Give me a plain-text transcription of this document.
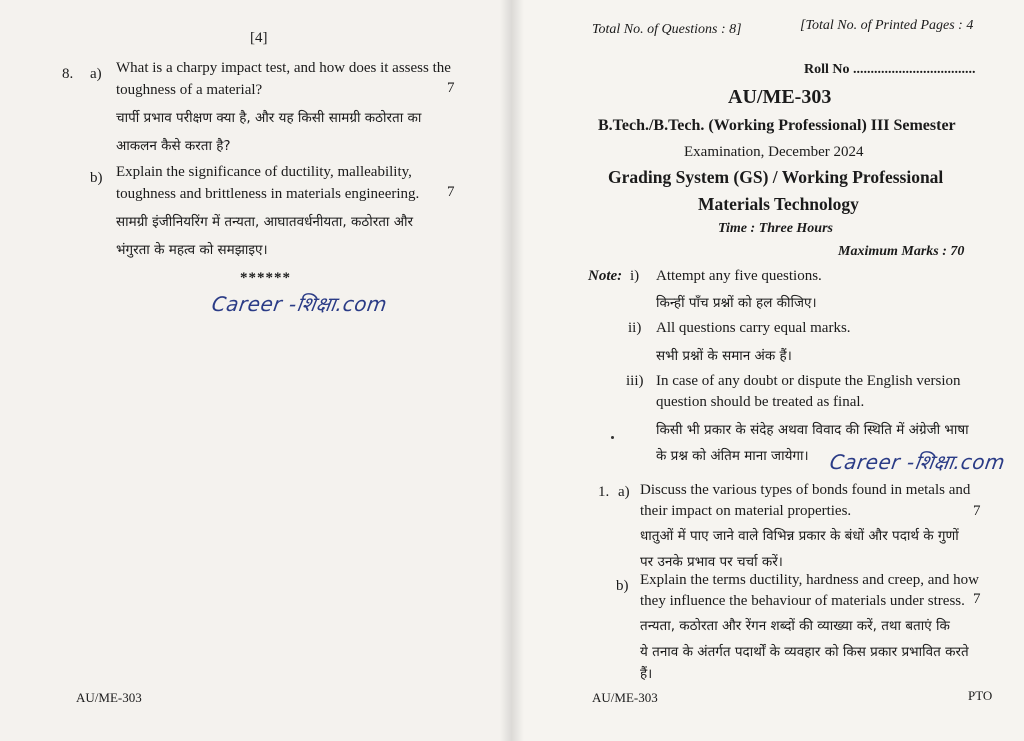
[4]
8. a) What is a charpy impact test, and how does it assess the
toughness of a material?	7
चार्पी प्रभाव परीक्षण क्या है, और यह किसी सामग्री कठोरता का
आकलन कैसे करता है?
b) Explain the significance of ductility, malleability,
toughness and brittleness in materials engineering. 7
सामग्री इंजीनियरिंग में तन्यता, आघातवर्धनीयता, कठोरता और
भंगुरता के महत्व को समझाइए।
******
Career -शिक्षा.com
AU/ME-303
Total No. of Questions : 8]	[Total No. of Printed Pages : 4
Roll No ...................................
AU/ME-303
B.Tech./B.Tech. (Working Professional) III Semester
Examination, December 2024
Grading System (GS) / Working Professional
Materials Technology
Time : Three Hours
Maximum Marks : 70
Note: i) Attempt any five questions.
किन्हीं पाँच प्रश्नों को हल कीजिए।
ii) All questions carry equal marks.
सभी प्रश्नों के समान अंक हैं।
iii) In case of any doubt or dispute the English version
question should be treated as final.
किसी भी प्रकार के संदेह अथवा विवाद की स्थिति में अंग्रेजी भाषा
के प्रश्न को अंतिम माना जायेगा। Career -शिक्षा.com
1. a) Discuss the various types of bonds found in metals and
their impact on material properties.	7
धातुओं में पाए जाने वाले विभिन्न प्रकार के बंधों और पदार्थ के गुणों
पर उनके प्रभाव पर चर्चा करें।
b) Explain the terms ductility, hardness and creep, and how
they influence the behaviour of materials under stress. 7
तन्यता, कठोरता और रेंगन शब्दों की व्याख्या करें, तथा बताएं कि
ये तनाव के अंतर्गत पदार्थों के व्यवहार को किस प्रकार प्रभावित करते
हैं।
AU/ME-303	PTO
